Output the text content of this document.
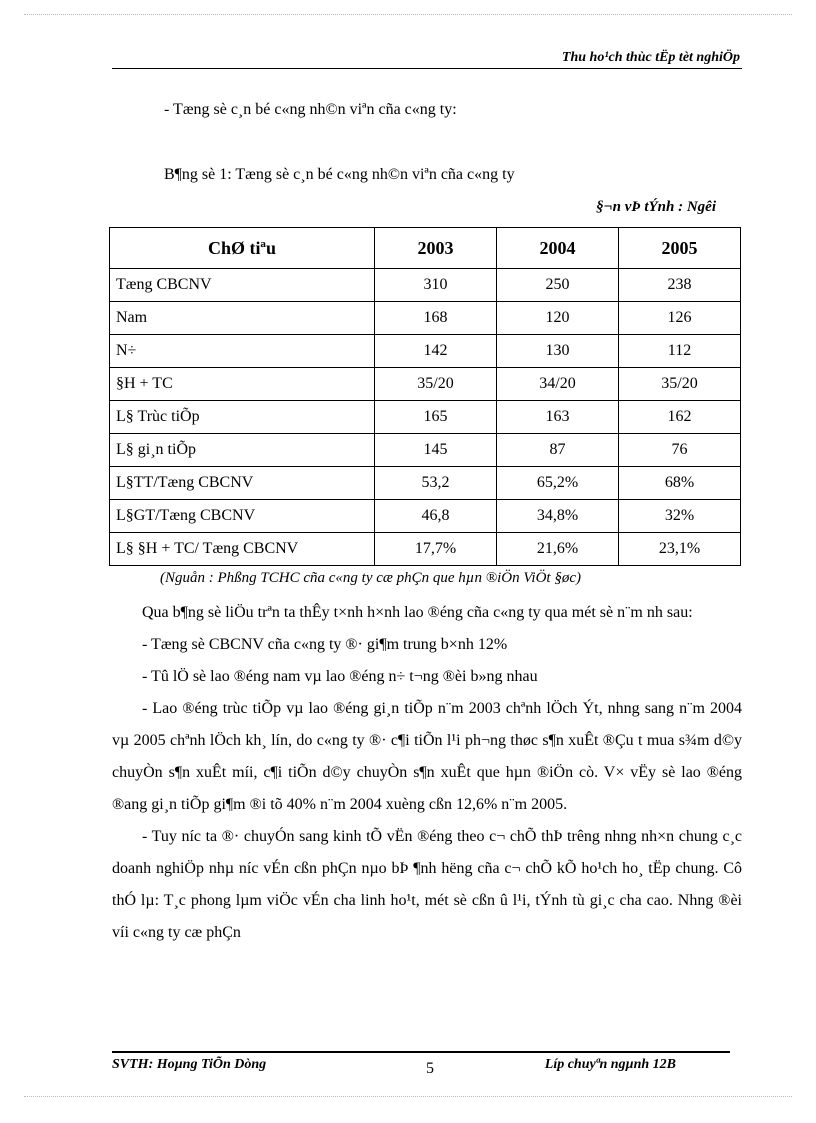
Thu ho¹ch thùc tËp tèt nghiÖp
- Tæng sè c¸n bé c«ng nh©n viªn cña c«ng ty:
B¶ng sè 1: Tæng sè c¸n bé c«ng nh©n viªn cña c«ng ty
§¬n vÞ tÝnh : Ngêi
ChØ tiªu	2003	2004	2005
Tæng CBCNV	310	250	238
Nam	168	120	126
N÷	142	130	112
§H + TC	35/20	34/20	35/20
L§ Trùc tiÕp	165	163	162
L§ gi¸n tiÕp	145	87	76
L§TT/Tæng CBCNV	53,2	65,2%	68%
L§GT/Tæng CBCNV	46,8	34,8%	32%
L§ §H + TC/ Tæng CBCNV	17,7%	21,6%	23,1%
(Nguån : Phßng TCHC cña c«ng ty cæ phÇn que hµn ®iÖn ViÖt §øc)

Qua b¶ng sè liÖu trªn ta thÊy t×nh h×nh lao ®éng cña c«ng ty qua mét sè n¨m nh sau:

- Tæng sè CBCNV cña c«ng ty ®· gi¶m trung b×nh 12%

- Tû lÖ sè lao ®éng nam vµ lao ®éng n÷ t¬ng ®èi b»ng nhau

- Lao ®éng trùc tiÕp vµ lao ®éng gi¸n tiÕp n¨m 2003 chªnh lÖch Ýt, nhng sang n¨m 2004 vµ 2005 chªnh lÖch kh¸ lín, do c«ng ty ®· c¶i tiÕn l¹i ph¬ng thøc s¶n xuÊt ®Çu t mua s¾m d©y chuyÒn s¶n xuÊt míi, c¶i tiÕn d©y chuyÒn s¶n xuÊt que hµn ®iÖn cò. V× vËy sè lao ®éng ®ang gi¸n tiÕp gi¶m ®i tõ 40% n¨m 2004 xuèng cßn 12,6% n¨m 2005.

- Tuy níc ta ®· chuyÓn sang kinh tÕ vËn ®éng theo c¬ chÕ thÞ trêng nhng nh×n chung c¸c doanh nghiÖp nhµ níc vÉn cßn phÇn nµo bÞ ¶nh hëng cña c¬ chÕ kÕ ho¹ch ho¸ tËp chung. Cô thÓ lµ: T¸c phong lµm viÖc vÉn cha linh ho¹t, mét sè cßn û l¹i, tÝnh tù gi¸c cha cao. Nhng ®èi víi c«ng ty cæ phÇn

SVTH: Hoµng TiÕn Dòng	5	Líp chuyªn ngµnh 12B
